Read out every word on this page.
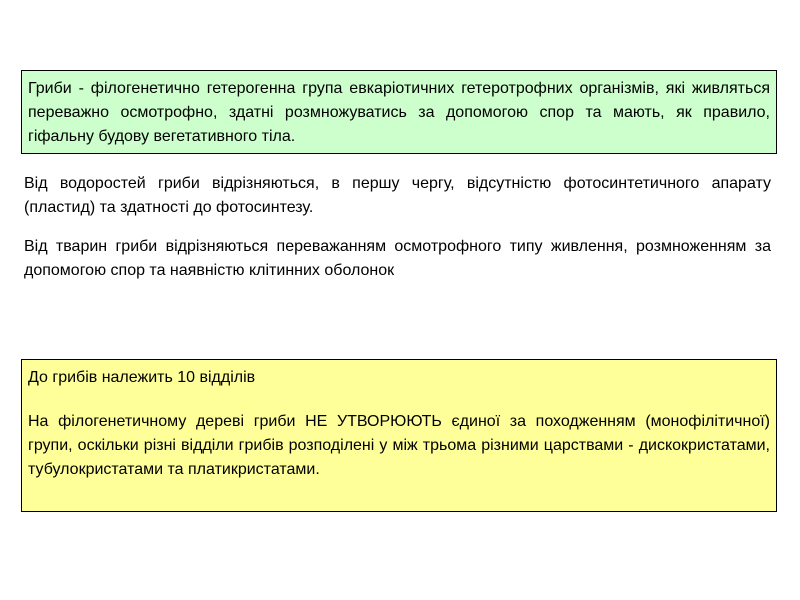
Гриби - філогенетично гетерогенна група евкаріотичних гетеротрофних організмів, які живляться переважно осмотрофно, здатні розмножуватись за допомогою спор та мають, як правило, гіфальну будову вегетативного тіла.

Від водоростей гриби відрізняються, в першу чергу, відсутністю фотосинтетичного апарату (пластид) та здатності до фотосинтезу.

Від тварин гриби відрізняються переважанням осмотрофного типу живлення, розмноженням за допомогою спор та наявністю клітинних оболонок

До грибів належить 10 відділів

На філогенетичному дереві гриби НЕ УТВОРЮЮТЬ єдиної за походженням (монофілітичної) групи, оскільки різні відділи грибів розподілені у між трьома різними царствами - дискокристатами, тубулокристатами та платикристатами.
